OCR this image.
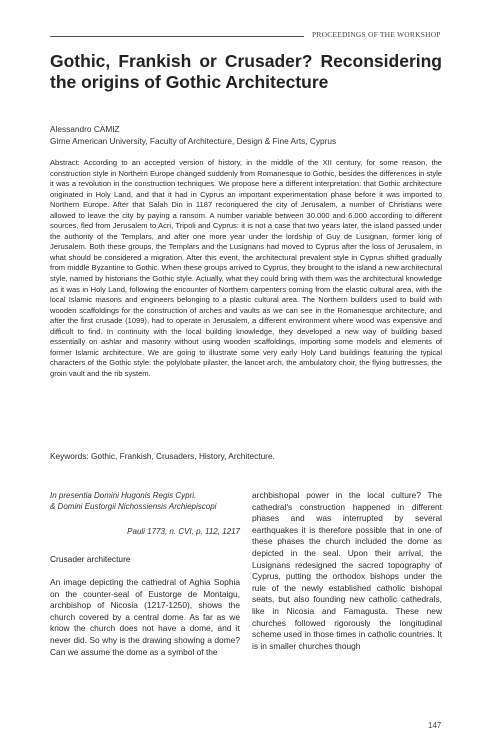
PROCEEDINGS OF THE WORKSHOP
Gothic, Frankish or Crusader? Reconsidering the origins of Gothic Architecture
Alessandro CAMIZ
Girne American University, Faculty of Architecture, Design & Fine Arts, Cyprus
Abstract: According to an accepted version of history, in the middle of the XII century, for some reason, the construction style in Northern Europe changed suddenly from Romanesque to Gothic, besides the differences in style it was a revolution in the construction techniques. We propose here a different interpretation: that Gothic architecture originated in Holy Land, and that it had in Cyprus an important experimentation phase before it was imported to Northern Europe. After that Salah Din in 1187 reconquered the city of Jerusalem, a number of Christians were allowed to leave the city by paying a ransom. A number variable between 30.000 and 6.000 according to different sources, fled from Jerusalem to Acri, Tripoli and Cyprus: it is not a case that two years later, the island passed under the authority of the Templars, and after one more year under the lordship of Guy de Lusignan, former king of Jerusalem. Both these groups, the Templars and the Lusignans had moved to Cyprus after the loss of Jerusalem, in what should be considered a migration. After this event, the architectural prevalent style in Cyprus shifted gradually from middle Byzantine to Gothic. When these groups arrived to Cyprus, they brought to the island a new architectural style, named by historians the Gothic style. Actually, what they could bring with them was the architectural knowledge as it was in Holy Land, following the encounter of Northern carpenters coming from the elastic cultural area, with the local Islamic masons and engineers belonging to a plastic cultural area. The Northern builders used to build with wooden scaffoldings for the construction of arches and vaults as we can see in the Romanesque architecture, and after the first crusade (1099), had to operate in Jerusalem, a different environment where wood was expensive and difficult to find. In continuity with the local building knowledge, they developed a new way of building based essentially on ashlar and masonry without using wooden scaffoldings, importing some models and elements of former Islamic architecture. We are going to illustrate some very early Holy Land buildings featuring the typical characters of the Gothic style: the polylobate pilaster, the lancet arch, the ambulatory choir, the flying buttresses, the groin vault and the rib system.
Keywords: Gothic, Frankish, Crusaders, History, Architecture.
In presentia Domini Hugonis Regis Cypri.
& Domini Eustorgii Nichossiensis Archiepiscopi
Pauli 1773, n. CVI, p. 112, 1217
Crusader architecture
An image depicting the cathedral of Aghia Sophia on the counter-seal of Eustorge de Montaigu, archbishop of Nicosia (1217-1250), shows the church covered by a central dome. As far as we know the church does not have a dome, and it never did. So why is the drawing showing a dome? Can we assume the dome as a symbol of the
archbishopal power in the local culture? The cathedral's construction happened in different phases and was interrupted by several earthquakes it is therefore possible that in one of these phases the church included the dome as depicted in the seal. Upon their arrival, the Lusignans redesigned the sacred topography of Cyprus, putting the orthodox bishops under the rule of the newly established catholic bishopal seats, but also founding new catholic cathedrals, like in Nicosia and Famagusta. These new churches followed rigorously the longitudinal scheme used in those times in catholic countries. It is in smaller churches though
147
